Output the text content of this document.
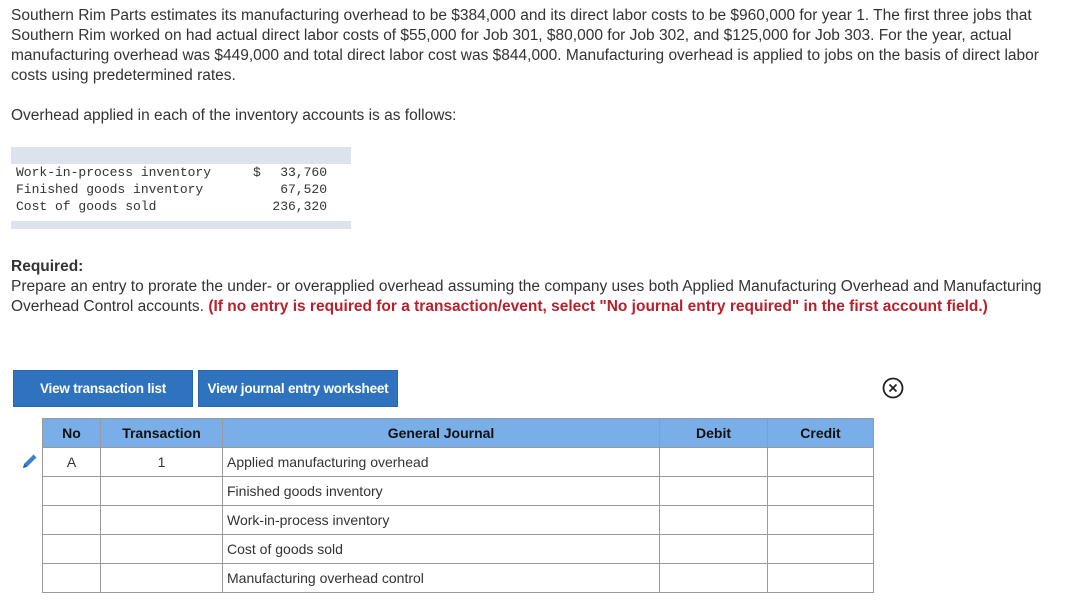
Southern Rim Parts estimates its manufacturing overhead to be $384,000 and its direct labor costs to be $960,000 for year 1. The first three jobs that Southern Rim worked on had actual direct labor costs of $55,000 for Job 301, $80,000 for Job 302, and $125,000 for Job 303. For the year, actual manufacturing overhead was $449,000 and total direct labor cost was $844,000. Manufacturing overhead is applied to jobs on the basis of direct labor costs using predetermined rates.
Overhead applied in each of the inventory accounts is as follows:
Work-in-process inventory	$ 33,760
Finished goods inventory	67,520
Cost of goods sold	236,320
Required:
Prepare an entry to prorate the under- or overapplied overhead assuming the company uses both Applied Manufacturing Overhead and Manufacturing Overhead Control accounts. (If no entry is required for a transaction/event, select "No journal entry required" in the first account field.)
View transaction list	View journal entry worksheet
No	Transaction	General Journal	Debit	Credit
A	1	Applied manufacturing overhead		
		Finished goods inventory		
		Work-in-process inventory		
		Cost of goods sold		
		Manufacturing overhead control		
